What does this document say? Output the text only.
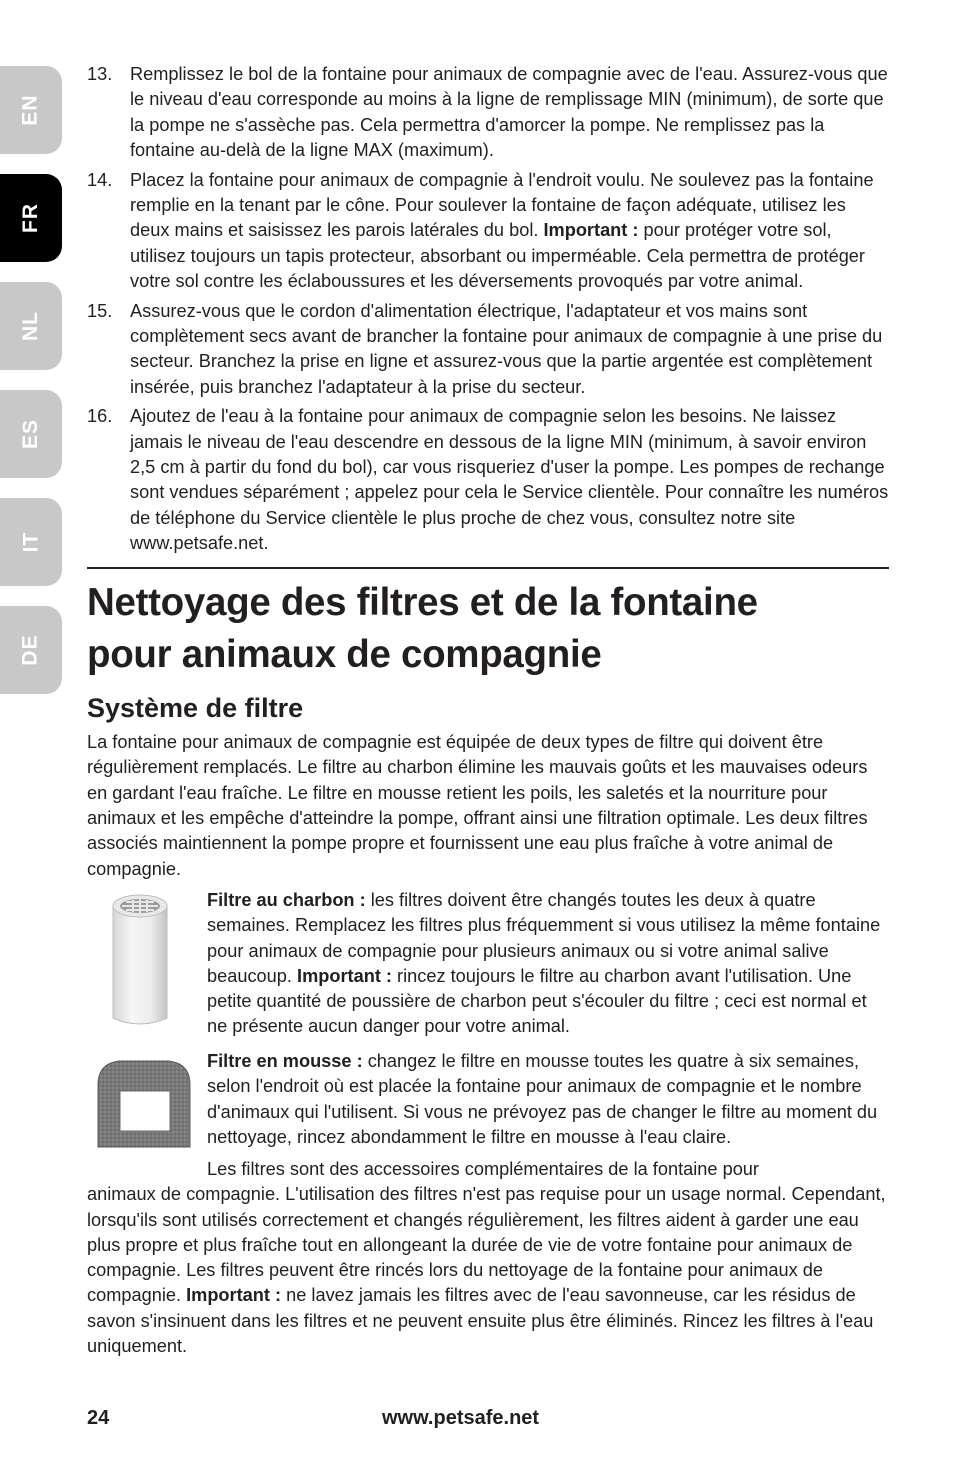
EN
FR
NL
ES
IT
DE
13. Remplissez le bol de la fontaine pour animaux de compagnie avec de l'eau. Assurez-vous que le niveau d'eau corresponde au moins à la ligne de remplissage MIN (minimum), de sorte que la pompe ne s'assèche pas. Cela permettra d'amorcer la pompe. Ne remplissez pas la fontaine au-delà de la ligne MAX (maximum).
14. Placez la fontaine pour animaux de compagnie à l'endroit voulu. Ne soulevez pas la fontaine remplie en la tenant par le cône. Pour soulever la fontaine de façon adéquate, utilisez les deux mains et saisissez les parois latérales du bol. Important : pour protéger votre sol, utilisez toujours un tapis protecteur, absorbant ou imperméable. Cela permettra de protéger votre sol contre les éclaboussures et les déversements provoqués par votre animal.
15. Assurez-vous que le cordon d'alimentation électrique, l'adaptateur et vos mains sont complètement secs avant de brancher la fontaine pour animaux de compagnie à une prise du secteur. Branchez la prise en ligne et assurez-vous que la partie argentée est complètement insérée, puis branchez l'adaptateur à la prise du secteur.
16. Ajoutez de l'eau à la fontaine pour animaux de compagnie selon les besoins. Ne laissez jamais le niveau de l'eau descendre en dessous de la ligne MIN (minimum, à savoir environ 2,5 cm à partir du fond du bol), car vous risqueriez d'user la pompe. Les pompes de rechange sont vendues séparément ; appelez pour cela le Service clientèle. Pour connaître les numéros de téléphone du Service clientèle le plus proche de chez vous, consultez notre site www.petsafe.net.
Nettoyage des filtres et de la fontaine
pour animaux de compagnie
Système de filtre

La fontaine pour animaux de compagnie est équipée de deux types de filtre qui doivent être régulièrement remplacés. Le filtre au charbon élimine les mauvais goûts et les mauvaises odeurs en gardant l'eau fraîche. Le filtre en mousse retient les poils, les saletés et la nourriture pour animaux et les empêche d'atteindre la pompe, offrant ainsi une filtration optimale. Les deux filtres associés maintiennent la pompe propre et fournissent une eau plus fraîche à votre animal de compagnie.

Filtre au charbon : les filtres doivent être changés toutes les deux à quatre semaines. Remplacez les filtres plus fréquemment si vous utilisez la même fontaine pour animaux de compagnie pour plusieurs animaux ou si votre animal salive beaucoup. Important : rincez toujours le filtre au charbon avant l'utilisation. Une petite quantité de poussière de charbon peut s'écouler du filtre ; ceci est normal et ne présente aucun danger pour votre animal.

Filtre en mousse : changez le filtre en mousse toutes les quatre à six semaines, selon l'endroit où est placée la fontaine pour animaux de compagnie et le nombre d'animaux qui l'utilisent. Si vous ne prévoyez pas de changer le filtre au moment du nettoyage, rincez abondamment le filtre en mousse à l'eau claire.

Les filtres sont des accessoires complémentaires de la fontaine pour
animaux de compagnie. L'utilisation des filtres n'est pas requise pour un usage normal. Cependant, lorsqu'ils sont utilisés correctement et changés régulièrement, les filtres aident à garder une eau plus propre et plus fraîche tout en allongeant la durée de vie de votre fontaine pour animaux de compagnie. Les filtres peuvent être rincés lors du nettoyage de la fontaine pour animaux de compagnie. Important : ne lavez jamais les filtres avec de l'eau savonneuse, car les résidus de savon s'insinuent dans les filtres et ne peuvent ensuite plus être éliminés. Rincez les filtres à l'eau uniquement.

24	www.petsafe.net
